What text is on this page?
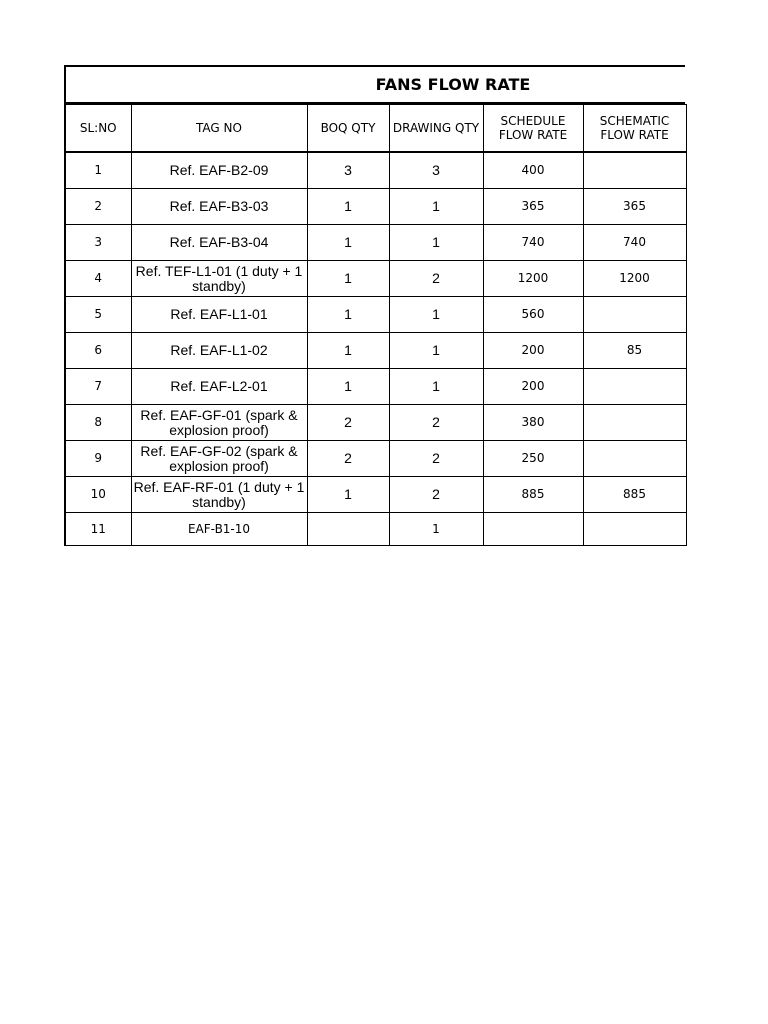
FANS FLOW RATE
SL:NO	TAG NO	BOQ QTY	DRAWING QTY	SCHEDULE FLOW RATE	SCHEMATIC FLOW RATE
1	Ref. EAF-B2-09	3	3	400	
2	Ref. EAF-B3-03	1	1	365	365
3	Ref. EAF-B3-04	1	1	740	740
4	Ref. TEF-L1-01 (1 duty + 1 standby)	1	2	1200	1200
5	Ref. EAF-L1-01	1	1	560	
6	Ref. EAF-L1-02	1	1	200	85
7	Ref. EAF-L2-01	1	1	200	
8	Ref. EAF-GF-01 (spark & explosion proof)	2	2	380	
9	Ref. EAF-GF-02 (spark & explosion proof)	2	2	250	
10	Ref. EAF-RF-01 (1 duty + 1 standby)	1	2	885	885
11	EAF-B1-10		1		
